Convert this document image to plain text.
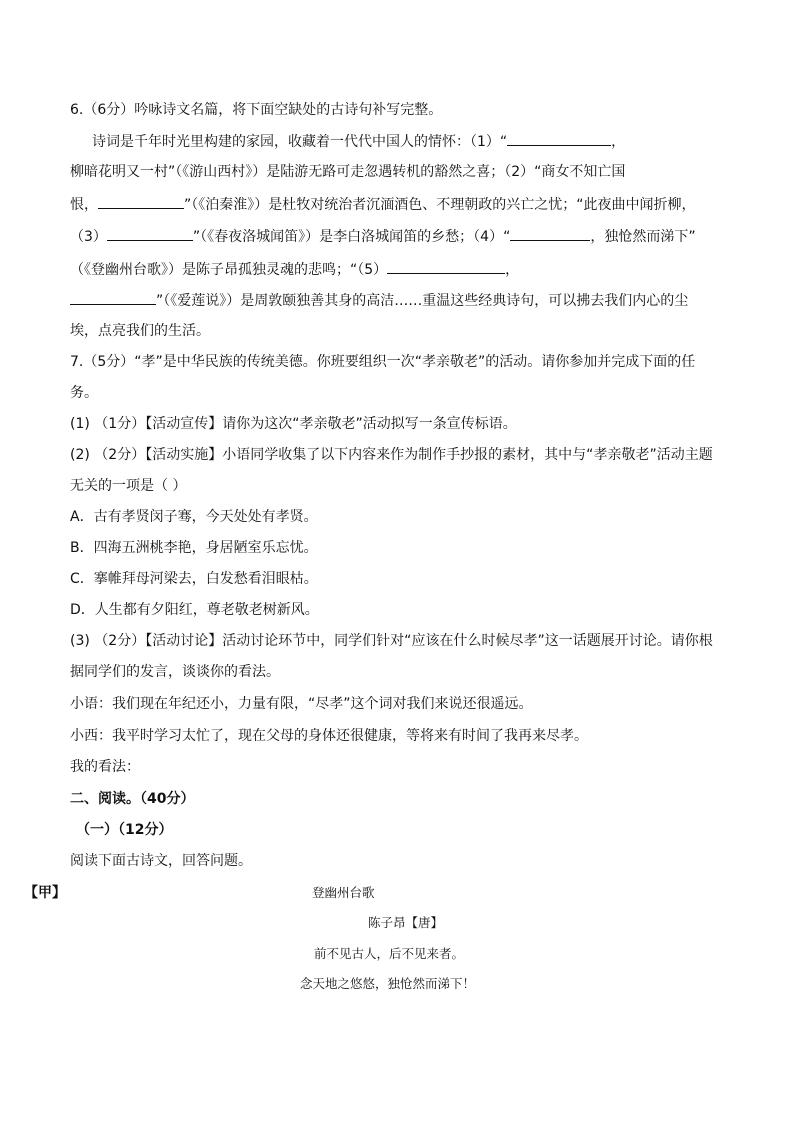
6.（6分）吟咏诗文名篇，将下面空缺处的古诗句补写完整。
诗词是千年时光里构建的家园，收藏着一代代中国人的情怀：（1）“	，
柳暗花明又一村”（《游山西村》）是陆游无路可走忽遇转机的豁然之喜；（2）“商女不知亡国
恨，	”（《泊秦淮》）是杜牧对统治者沉湎酒色、不理朝政的兴亡之忧；“此夜曲中闻折柳，
（3）	”（《春夜洛城闻笛》）是李白洛城闻笛的乡愁；（4）“	，独怆然而涕下”
（《登幽州台歌》）是陈子昂孤独灵魂的悲鸣；“（5）	，
”（《爱莲说》）是周敦颐独善其身的高洁……重温这些经典诗句，可以拂去我们内心的尘
埃，点亮我们的生活。
7.（5分）“孝”是中华民族的传统美德。你班要组织一次“孝亲敬老”的活动。请你参加并完成下面的任
务。
(1) （1分）【活动宣传】请你为这次“孝亲敬老”活动拟写一条宣传标语。
(2) （2分）【活动实施】小语同学收集了以下内容来作为制作手抄报的素材，其中与“孝亲敬老”活动主题
无关的一项是（ ）
A．古有孝贤闵子骞，今天处处有孝贤。
B．四海五洲桃李艳，身居陋室乐忘忧。
C．搴帷拜母河梁去，白发愁看泪眼枯。
D．人生都有夕阳红，尊老敬老树新风。
(3) （2分）【活动讨论】活动讨论环节中，同学们针对“应该在什么时候尽孝”这一话题展开讨论。请你根
据同学们的发言，谈谈你的看法。
小语：我们现在年纪还小，力量有限，“尽孝”这个词对我们来说还很遥远。
小西：我平时学习太忙了，现在父母的身体还很健康，等将来有时间了我再来尽孝。
我的看法：
二、阅读。（40分）
（一）（12分）
阅读下面古诗文，回答问题。
【甲】	登幽州台歌
陈子昂【唐】
前不见古人，后不见来者。
念天地之悠悠，独怆然而涕下！
